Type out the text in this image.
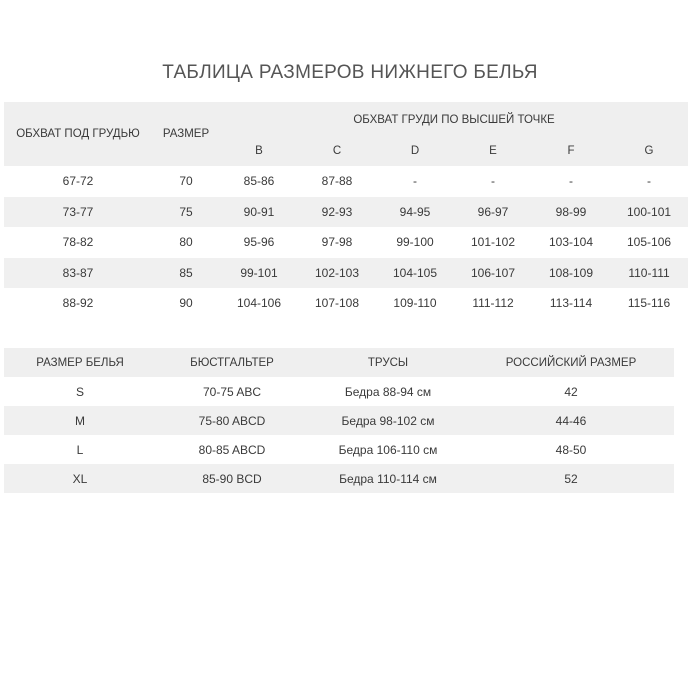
ТАБЛИЦА РАЗМЕРОВ НИЖНЕГО БЕЛЬЯ
ОБХВАТ ПОД ГРУДЬЮ	РАЗМЕР	ОБХВАТ ГРУДИ ПО ВЫСШЕЙ ТОЧКЕ					
		B	C	D	E	F	G
67-72	70	85-86	87-88	-	-	-	-
73-77	75	90-91	92-93	94-95	96-97	98-99	100-101
78-82	80	95-96	97-98	99-100	101-102	103-104	105-106
83-87	85	99-101	102-103	104-105	106-107	108-109	110-111
88-92	90	104-106	107-108	109-110	111-112	113-114	115-116
РАЗМЕР БЕЛЬЯ	БЮСТГАЛЬТЕР	ТРУСЫ	РОССИЙСКИЙ РАЗМЕР
S	70-75 ABC	Бедра 88-94 см	42
M	75-80 ABCD	Бедра 98-102 см	44-46
L	80-85 ABCD	Бедра 106-110 см	48-50
XL	85-90 BCD	Бедра 110-114 см	52
